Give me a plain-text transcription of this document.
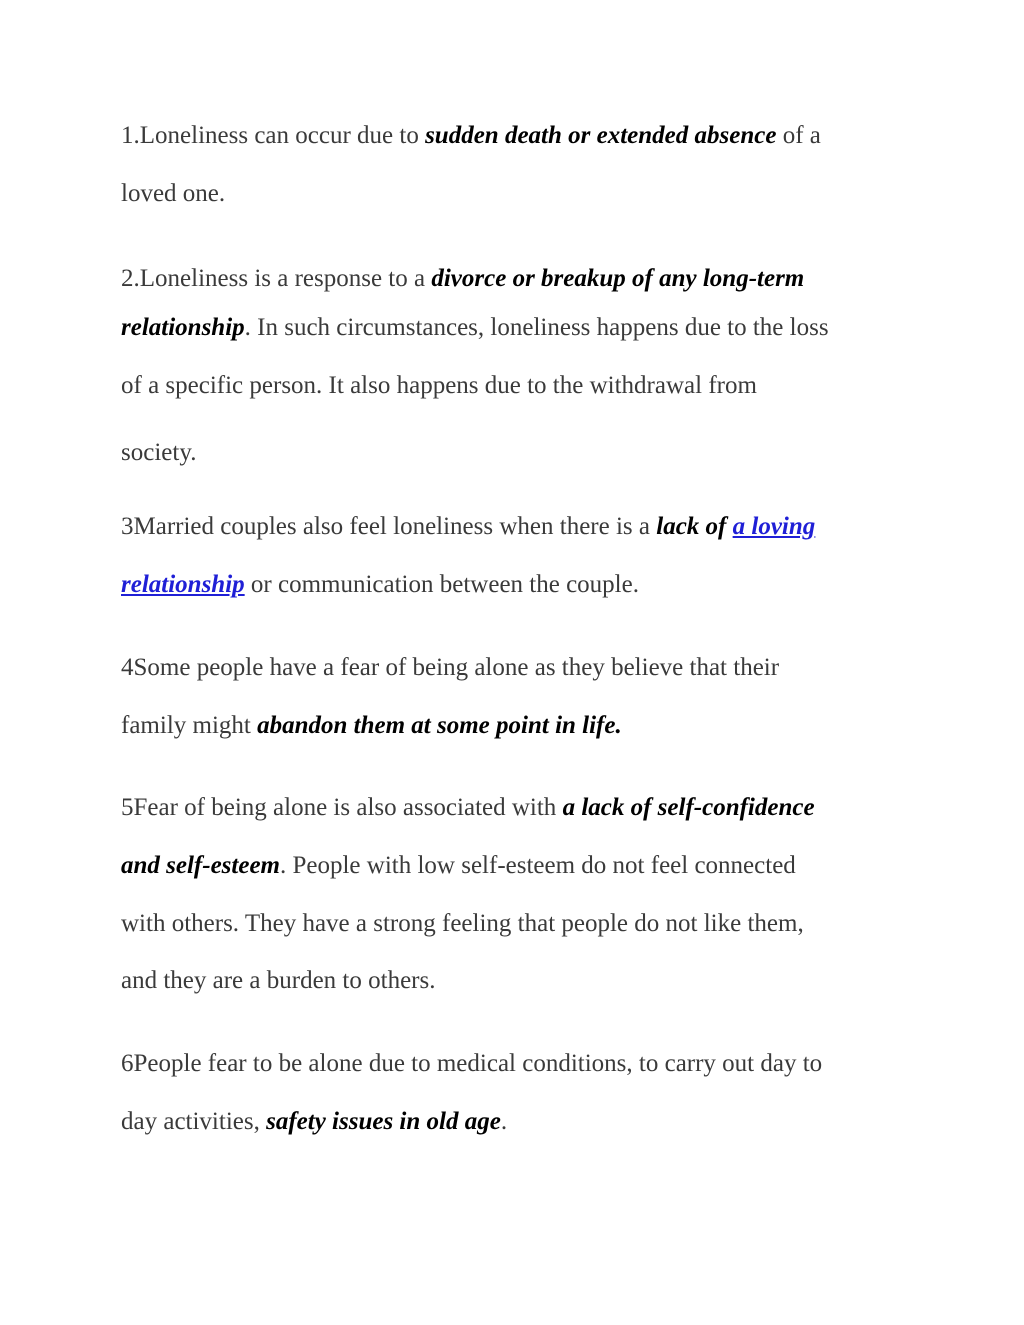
1.Loneliness can occur due to sudden death or extended absence of a
loved one.
2.Loneliness is a response to a divorce or breakup of any long-term
relationship. In such circumstances, loneliness happens due to the loss
of a specific person. It also happens due to the withdrawal from
society.
3Married couples also feel loneliness when there is a lack of a loving
relationship or communication between the couple.
4Some people have a fear of being alone as they believe that their
family might abandon them at some point in life.
5Fear of being alone is also associated with a lack of self-confidence
and self-esteem. People with low self-esteem do not feel connected
with others. They have a strong feeling that people do not like them,
and they are a burden to others.
6People fear to be alone due to medical conditions, to carry out day to
day activities, safety issues in old age.
